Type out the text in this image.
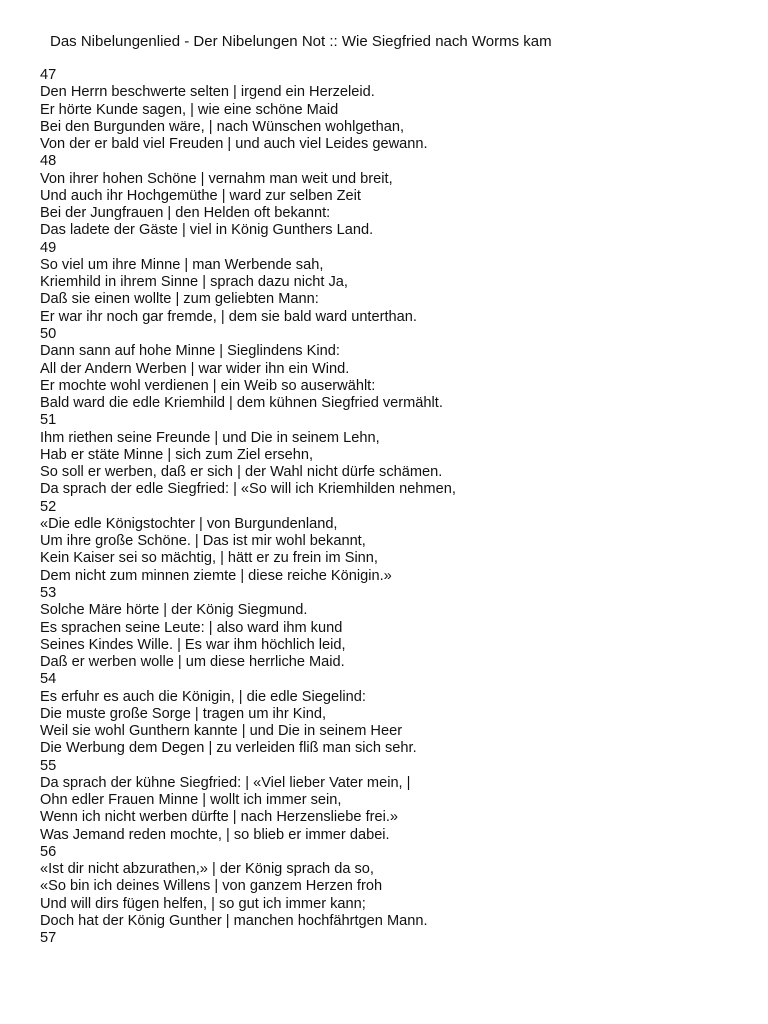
Das Nibelungenlied - Der Nibelungen Not :: Wie Siegfried nach Worms kam
47
Den Herrn beschwerte selten | irgend ein Herzeleid.
Er hörte Kunde sagen, | wie eine schöne Maid
Bei den Burgunden wäre, | nach Wünschen wohlgethan,
Von der er bald viel Freuden | und auch viel Leides gewann.
48
Von ihrer hohen Schöne | vernahm man weit und breit,
Und auch ihr Hochgemüthe | ward zur selben Zeit
Bei der Jungfrauen | den Helden oft bekannt:
Das ladete der Gäste | viel in König Gunthers Land.
49
So viel um ihre Minne | man Werbende sah,
Kriemhild in ihrem Sinne | sprach dazu nicht Ja,
Daß sie einen wollte | zum geliebten Mann:
Er war ihr noch gar fremde, | dem sie bald ward unterthan.
50
Dann sann auf hohe Minne | Sieglindens Kind:
All der Andern Werben | war wider ihn ein Wind.
Er mochte wohl verdienen | ein Weib so auserwählt:
Bald ward die edle Kriemhild | dem kühnen Siegfried vermählt.
51
Ihm riethen seine Freunde | und Die in seinem Lehn,
Hab er stäte Minne | sich zum Ziel ersehn,
So soll er werben, daß er sich | der Wahl nicht dürfe schämen.
Da sprach der edle Siegfried: | «So will ich Kriemhilden nehmen,
52
«Die edle Königstochter | von Burgundenland,
Um ihre große Schöne. | Das ist mir wohl bekannt,
Kein Kaiser sei so mächtig, | hätt er zu frein im Sinn,
Dem nicht zum minnen ziemte | diese reiche Königin.»
53
Solche Märe hörte | der König Siegmund.
Es sprachen seine Leute: | also ward ihm kund
Seines Kindes Wille. | Es war ihm höchlich leid,
Daß er werben wolle | um diese herrliche Maid.
54
Es erfuhr es auch die Königin, | die edle Siegelind:
Die muste große Sorge | tragen um ihr Kind,
Weil sie wohl Gunthern kannte | und Die in seinem Heer
Die Werbung dem Degen | zu verleiden fliß man sich sehr.
55
Da sprach der kühne Siegfried: | «Viel lieber Vater mein, |
Ohn edler Frauen Minne | wollt ich immer sein,
Wenn ich nicht werben dürfte | nach Herzensliebe frei.»
Was Jemand reden mochte, | so blieb er immer dabei.
56
«Ist dir nicht abzurathen,» | der König sprach da so,
«So bin ich deines Willens | von ganzem Herzen froh
Und will dirs fügen helfen, | so gut ich immer kann;
Doch hat der König Gunther | manchen hochfährtgen Mann.
57
